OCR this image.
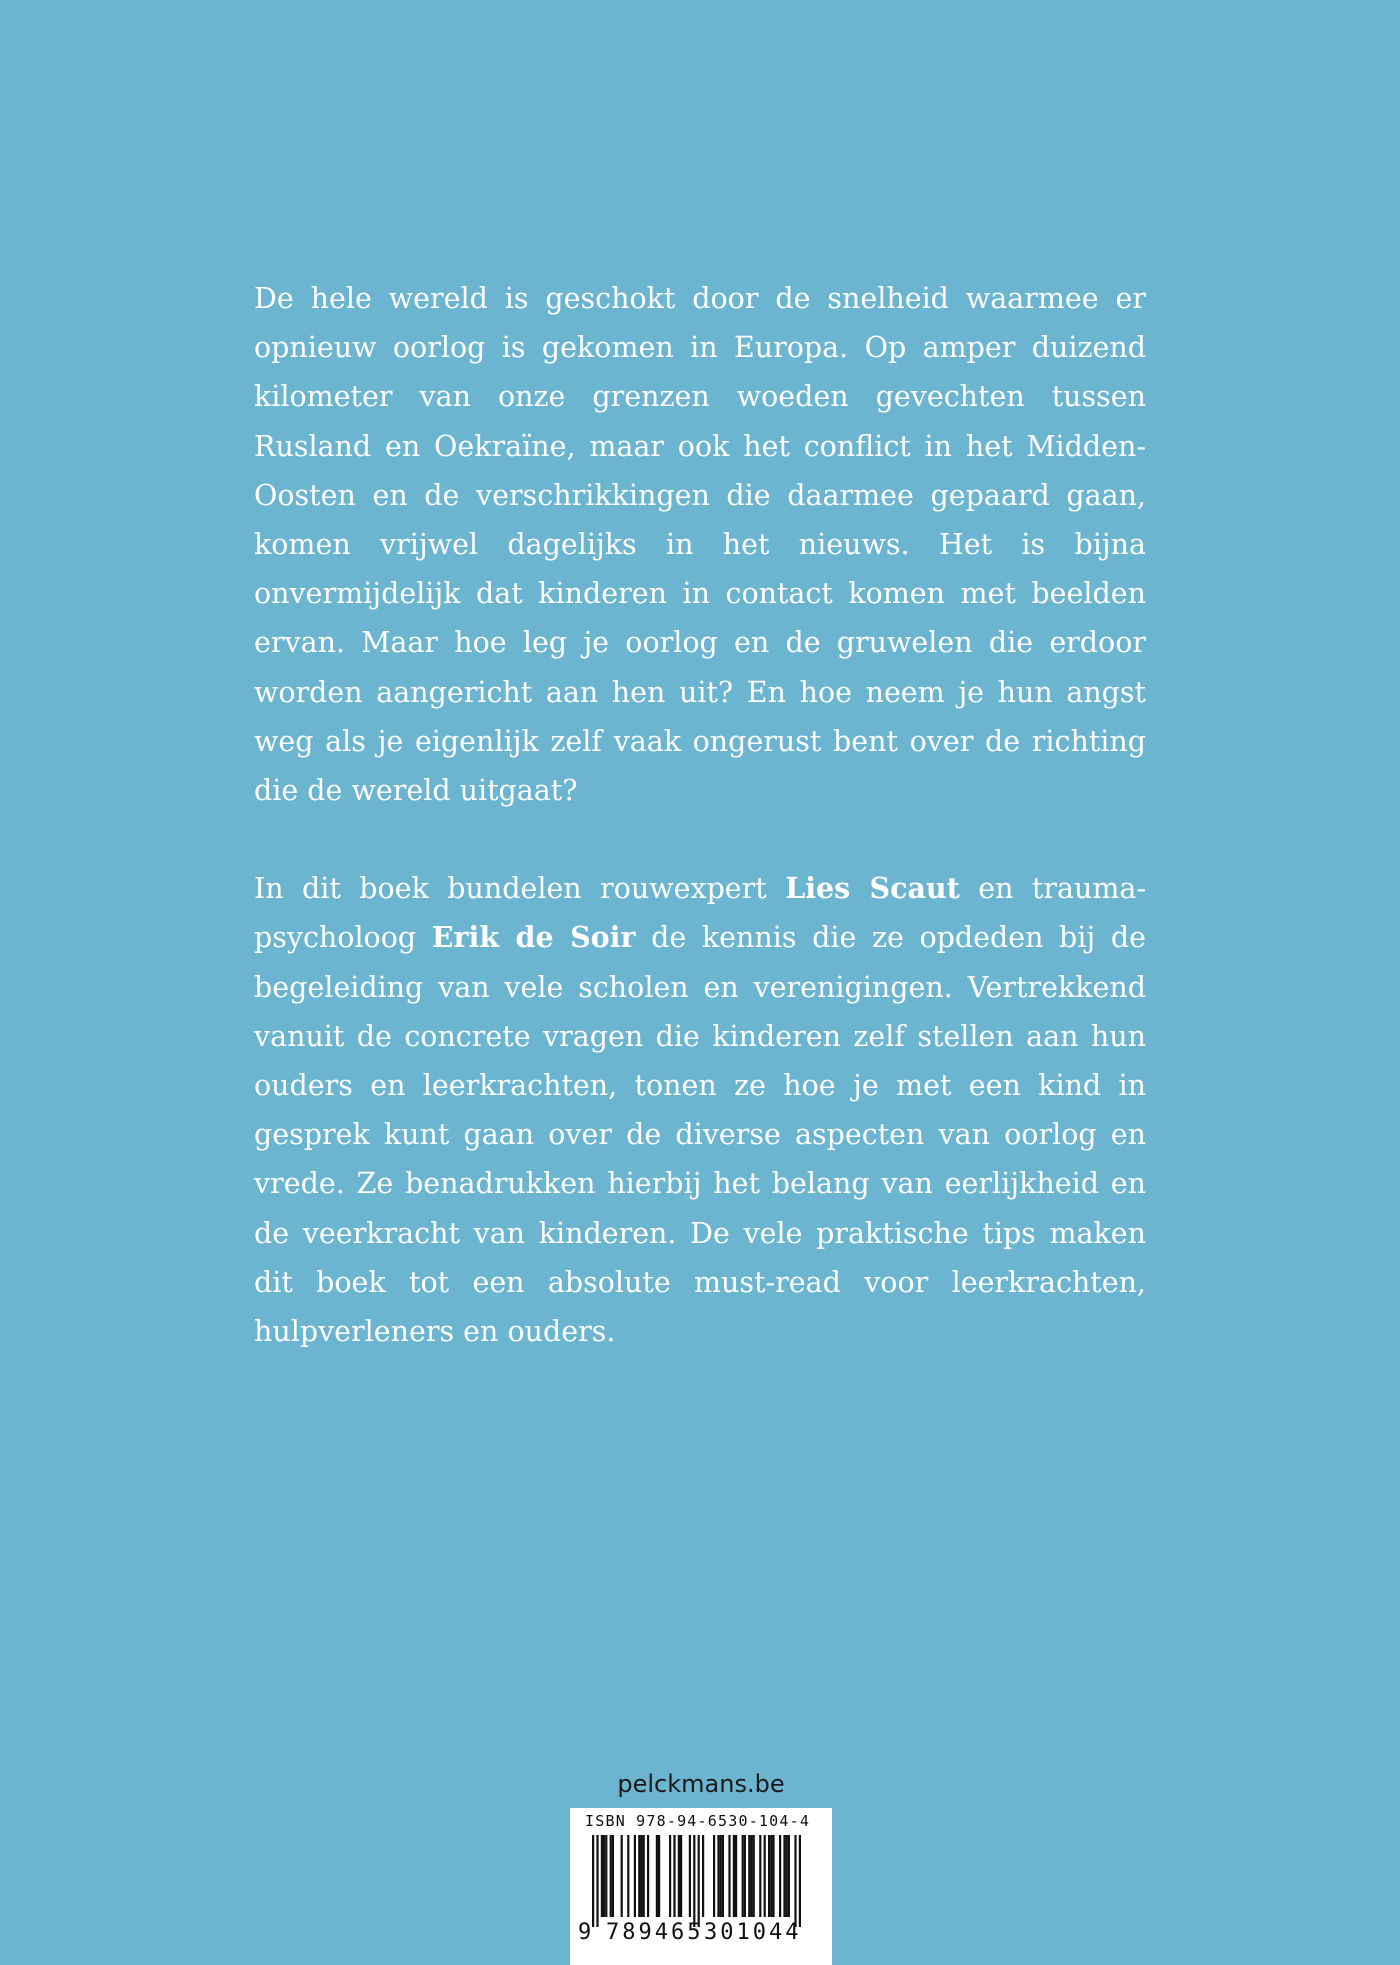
De hele wereld is geschokt door de snelheid waarmee er opnieuw oorlog is gekomen in Europa. Op amper duizend kilometer van onze grenzen woeden gevechten tussen Rusland en Oekraïne, maar ook het conflict in het Midden-Oosten en de verschrikkingen die daarmee gepaard gaan, komen vrijwel dagelijks in het nieuws. Het is bijna onvermijdelijk dat kinderen in contact komen met beelden ervan. Maar hoe leg je oorlog en de gruwelen die erdoor worden aangericht aan hen uit? En hoe neem je hun angst weg als je eigenlijk zelf vaak ongerust bent over de richting die de wereld uitgaat?

In dit boek bundelen rouwexpert Lies Scaut en trauma-psycholoog Erik de Soir de kennis die ze opdeden bij de begeleiding van vele scholen en verenigingen. Vertrekkend vanuit de concrete vragen die kinderen zelf stellen aan hun ouders en leerkrachten, tonen ze hoe je met een kind in gesprek kunt gaan over de diverse aspecten van oorlog en vrede. Ze benadrukken hierbij het belang van eerlijkheid en de veerkracht van kinderen. De vele praktische tips maken dit boek tot een absolute must-read voor leerkrachten, hulpverleners en ouders.

pelckmans.be
ISBN 978-94-6530-104-4
9 789465 301044
